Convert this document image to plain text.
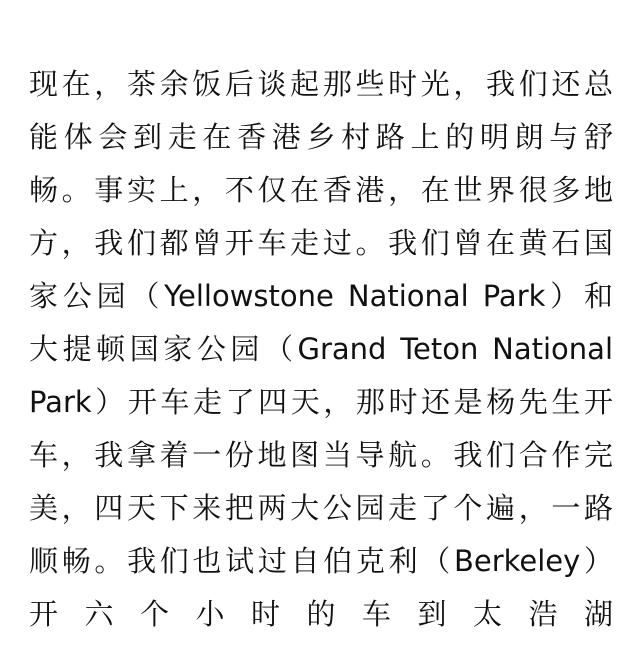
现在，茶余饭后谈起那些时光，我们还总
能体会到走在香港乡村路上的明朗与舒
畅。事实上，不仅在香港，在世界很多地
方，我们都曾开车走过。我们曾在黄石国
家公园（Yellowstone National Park）和
大提顿国家公园（Grand Teton National
Park）开车走了四天，那时还是杨先生开
车，我拿着一份地图当导航。我们合作完
美，四天下来把两大公园走了个遍，一路
顺畅。我们也试过自伯克利（Berkeley）
开 六 个 小 时 的 车 到 太 浩 湖
